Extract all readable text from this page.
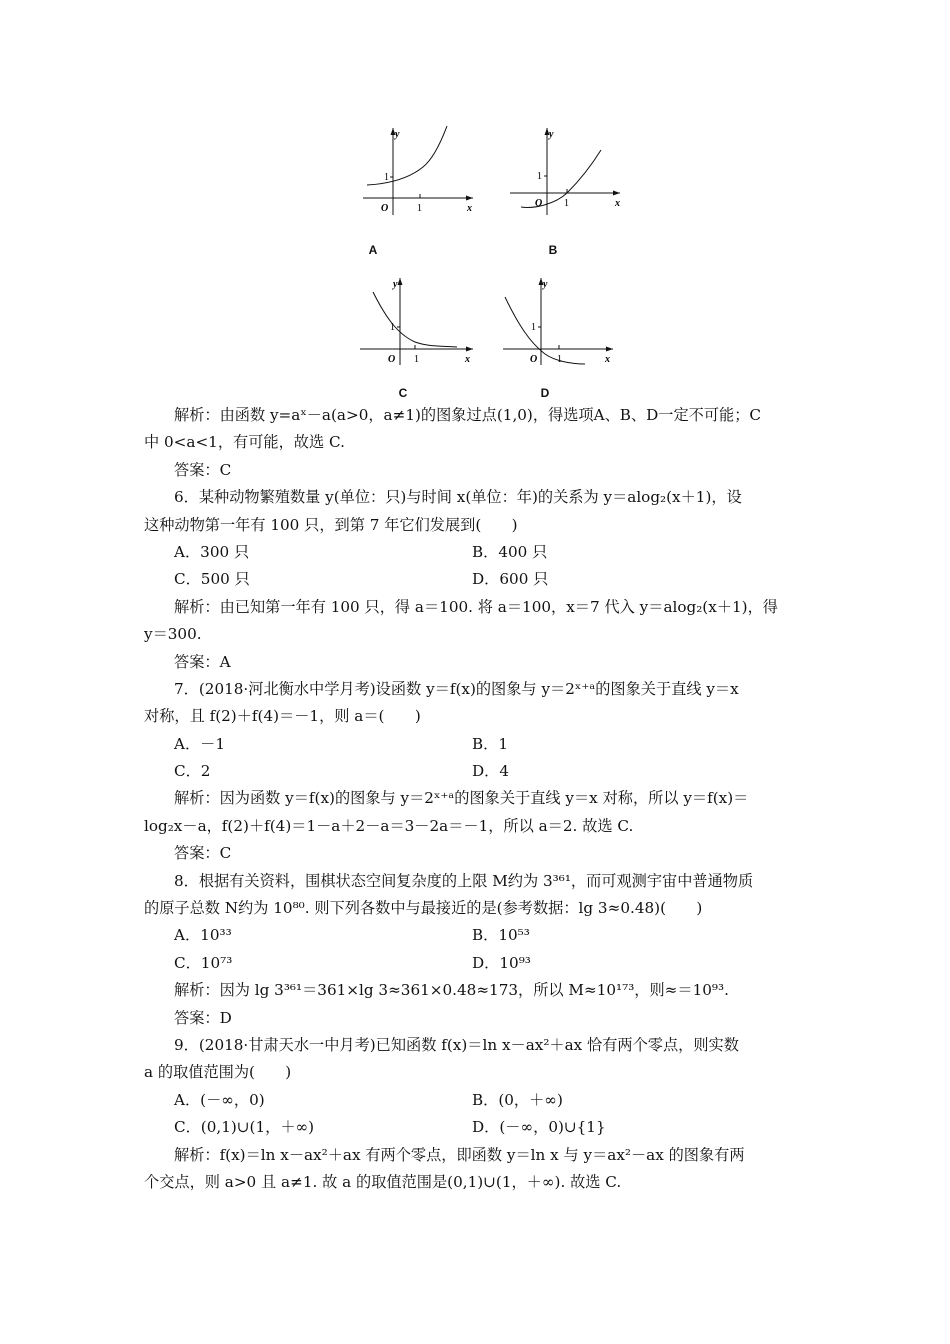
y
x
O	1
1
A
y
x
O 1
1
B
y
x
O 1
1
C
y
x
O 1
1
D
解析：由函数 y=aˣ－a(a>0，a≠1)的图象过点(1,0)，得选项A、B、D一定不可能；C
中 0<a<1，有可能，故选 C.
答案：C
6．某种动物繁殖数量 y(单位：只)与时间 x(单位：年)的关系为 y＝alog₂(x＋1)，设
这种动物第一年有 100 只，到第 7 年它们发展到(　　)
A．300 只	B．400 只
C．500 只	D．600 只
解析：由已知第一年有 100 只，得 a＝100. 将 a＝100，x＝7 代入 y＝alog₂(x＋1)，得
y＝300.
答案：A
7．(2018·河北衡水中学月考)设函数 y＝f(x)的图象与 y＝2ˣ⁺ᵃ的图象关于直线 y＝x
对称，且 f(2)＋f(4)＝－1，则 a＝(　　)
A．－1	B．1
C．2	D．4
解析：因为函数 y＝f(x)的图象与 y＝2ˣ⁺ᵃ的图象关于直线 y＝x 对称，所以 y＝f(x)＝
log₂x－a，f(2)＋f(4)＝1－a＋2－a＝3－2a＝－1，所以 a＝2. 故选 C.
答案：C
8．根据有关资料，围棋状态空间复杂度的上限 M约为 3³⁶¹，而可观测宇宙中普通物质
的原子总数 N约为 10⁸⁰. 则下列各数中与最接近的是(参考数据：lg 3≈0.48)(　　)
A．10³³	B．10⁵³
C．10⁷³	D．10⁹³
解析：因为 lg 3³⁶¹＝361×lg 3≈361×0.48≈173，所以 M≈10¹⁷³，则≈＝10⁹³.
答案：D
9．(2018·甘肃天水一中月考)已知函数 f(x)＝ln x－ax²＋ax 恰有两个零点，则实数
a 的取值范围为(　　)
A．(－∞，0)	B．(0，＋∞)
C．(0,1)∪(1，＋∞)	D．(－∞，0)∪{1}
解析：f(x)＝ln x－ax²＋ax 有两个零点，即函数 y＝ln x 与 y＝ax²－ax 的图象有两
个交点，则 a>0 且 a≠1. 故 a 的取值范围是(0,1)∪(1，＋∞). 故选 C.
